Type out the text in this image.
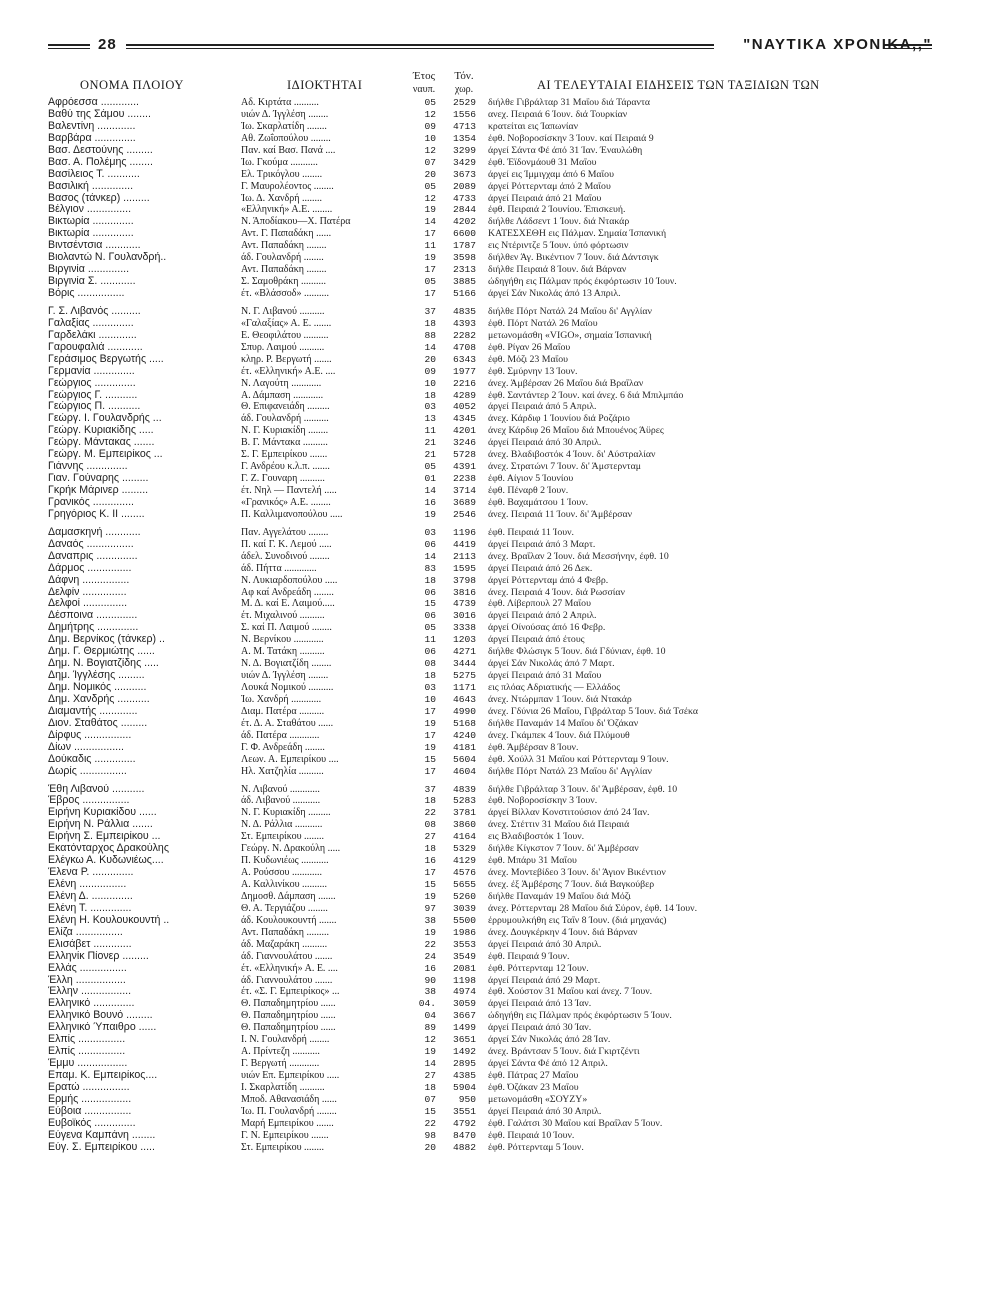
28	"ΝΑΥΤΙΚΑ ΧΡΟΝΙΚΑ,,"
ΟΝΟΜΑ ΠΛΟΙΟΥ	ΙΔΙΟΚΤΗΤΑΙ
Έτος
ναυπ.
Τόν.
χωρ.	ΑΙ ΤΕΛΕΥΤΑΙΑΙ ΕΙΔΗΣΕΙΣ ΤΩΝ ΤΑΞΙΔΙΩΝ ΤΩΝ
Αφρόεσσα .............	Αδ. Κιρτάτα ..........	05	2529 διήλθε Γιβράλταρ 31 Μαΐου διά Τάραντα
Βαθύ της Σάμου ........	υιών Δ. Ίγγλέση ........	12	1556 ανεχ. Πειραιά 6 Ίουν. διά Τουρκίαν
Βαλεντίνη .............	Ίω. Σκαρλατίδη ........	09	4713 κρατείται εις Ίαπωνίαν
Βαρβάρα ..............	Αθ. Ζωΐοπούλου ........	10	1354 έφθ. Νοβοροσίσκην 3 Ίουν. καί Πειραιά 9
Βασ. Δεστούνης .........	Παν. καί Βασ. Πανά ....	12	3299 άργεί Σάντα Φέ άπό 31 Ίαν. Έναυλώθη
Βασ. Α. Πολέμης ........	Ίω. Γκούμα ...........	07	3429 έφθ. Έϊδονμάουθ 31 Μαΐου
Βασίλειος Τ. ...........	Ελ. Τρικόγλου ........	20	3673 άργεί εις Ίμμιγχαμ άπό 6 Μαΐου
Βασιλική ..............	Γ. Μαυρολέοντος ........	05	2089 άργεί Ρόττερνταμ άπό 2 Μαΐου
Βασος (τάνκερ) .........	Ίω. Δ. Χανδρή ........	12	4733 άργεί Πειραιά άπό 21 Μαΐου
Βέλγιον ...............	«Ελληνική» Α.Ε. ........	19	2844 έφθ. Πειραιά 2 Ίουνίου. Έπισκευή.
Βικτωρία ..............	Ν. Άποδίακου—Χ. Πατέρα	14	4202 διήλθε Λάδσεντ 1 Ίουν. διά Ντακάρ
Βικτωρία ..............	Αντ. Γ. Παπαδάκη ......	17	6600 ΚΑΤΕΣΧΕΘΗ εις Πάλμαν. Σημαία Ίσπανική
Βιντσέντσια ............	Αντ. Παπαδάκη ........	11	1787 εις Ντέριντζε 5 Ίουν. ύπό φόρτωσιν
Βιολαντώ Ν. Γουλανδρή..	άδ. Γουλανδρή ........	19	3598 διήλθεν Άγ. Βικέντιον 7 Ίουν. διά Δάντσιγκ
Βιργινία ..............	Αντ. Παπαδάκη ........	17	2313 διήλθε Πειραιά 8 Ίουν. διά Βάρναν
Βιργινία Σ. ............	Σ. Σαμοθράκη ..........	05	3885 ώδηγήθη εις Πάλμαν πρός έκφόρτωσιν 10 Ίουν.
Βόρις ................	έτ. «Βλάσσοδ» ..........	17	5166 άργεί Σάν Νικολάς άπό 13 Απριλ.
Γ. Σ. Λιβανός ..........	Ν. Γ. Λιβανού ..........	37	4835 διήλθε Πόρτ Νατάλ 24 Μαΐου δι' Αγγλίαν
Γαλαξίας ..............	«Γαλαξίας» Α. Ε. .......	18	4393 έφθ. Πόρτ Νατάλ 26 Μαΐου
Γαρδελάκι .............	Ε. Θεοφιλάτου ..........	88	2282 μετωνομάσθη «VIGO», σημαία Ίσπανική
Γαρουφαλιά ............	Σπυρ. Λαιμού ..........	14	4708 έφθ. Ρίγαν 26 Μαΐου
Γεράσιμος Βεργωτής .....	κληρ. Ρ. Βεργωτή .......	20	6343 έφθ. Μόζι 23 Μαΐου
Γερμανία ..............	έτ. «Ελληνική» Α.Ε. ....	09	1977 έφθ. Σμύρνην 13 Ίουν.
Γεώργιος ..............	Ν. Λαγούτη ............	10	2216 άνεχ. Άμβέρσαν 26 Μαΐου διά Βραΐλαν
Γεώργιος Γ. ...........	Α. Δάμπαση ............	18	4289 έφθ. Σαντάντερ 2 Ίουν. καί άνεχ. 6 διά Μπιλμπάο
Γεώργιος Π. ...........	Θ. Επιφανειάδη .........	03	4052 άργεί Πειραιά άπό 5 Απριλ.
Γεώργ. Ι. Γουλανδρής ...	άδ. Γουλανδρή ..........	13	4345 άνεχ. Κάρδιφ 1 Ίουνίου διά Ροζάριο
Γεώργ. Κυριακίδης .....	Ν. Γ. Κυριακίδη ........	11	4201 άνεχ Κάρδιφ 26 Μαΐου διά Μπουένος Άϋρες
Γεώργ. Μάντακας .......	Β. Γ. Μάντακα ..........	21	3246 άργεί Πειραιά άπό 30 Απριλ.
Γεώργ. Μ. Εμπειρίκος ...	Σ. Γ. Εμπειρίκου .......	21	5728 άνεχ. Βλαδιβοστόκ 4 Ίουν. δι' Αύστραλίαν
Γιάννης ..............	Γ. Ανδρέου κ.λ.π. .......	05	4391 άνεχ. Στρατώνι 7 Ίουν. δι' Άμστερνταμ
Γιαν. Γούναρης .........	Γ. Ζ. Γουναρη ..........	01	2238 έφθ. Αίγιον 5 Ίουνίου
Γκρήκ Μάρινερ .........	έτ. Νηλ — Παντελή .....	14	3714 έφθ. Πέναρθ 2 Ίουν.
Γρανικός ..............	«Γρανικός» Α.Ε. ........	16	3689 έφθ. Βαχαμάτσου 1 Ίουν.
Γρηγόριος Κ. ΙΙ ........	Π. Καλλιμανοπούλου .....	19	2546 άνεχ. Πειραιά 11 Ίουν. δι' Άμβέρσαν
Δαμασκηνή ............	Παν. Αγγελάτου ........	03	1196 έφθ. Πειραιά 11 Ίουν.
Δαναός ................	Π. καί Γ. Κ. Λεμού .....	06	4419 άργεί Πειραιά άπό 3 Μαρτ.
Δαναπρις ..............	άδελ. Συνοδινού ........	14	2113 άνεχ. Βραΐλαν 2 Ίουν. διά Μεσσήνην, έφθ. 10
Δάρμος ...............	άδ. Πήττα .............	83	1595 άργεί Πειραιά άπό 26 Δεκ.
Δάφνη ................	Ν. Λυκιαρδοπούλου .....	18	3798 άργεί Ρόττερνταμ άπό 4 Φεβρ.
Δελφίν ...............	Αφ καί Ανδρεάδη ........	06	3816 άνεχ. Πειραιά 4 Ίουν. διά Ρωσσίαν
Δελφοί ...............	Μ. Δ. καί Ε. Λαιμού.....	15	4739 έφθ. Λίβερπουλ 27 Μαΐου
Δέσποινα ..............	έτ. Μιχαλινού ..........	06	3016 άργεί Πειραιά άπό 2 Απριλ.
Δημήτρης ..............	Σ. καί Π. Λαιμού ........	05	3338 άργεί Οίνούσας άπό 16 Φεβρ.
Δημ. Βερνίκος (τάνκερ) ..	Ν. Βερνίκου ............	11	1203 άργεί Πειραιά άπό έτους
Δημ. Γ. Θερμιώτης ......	Α. Μ. Τατάκη ..........	06	4271 διήλθε Φλώσιγκ 5 Ίουν. διά Γδύνιαν, έφθ. 10
Δημ. Ν. Βογιατζίδης .....	Ν. Δ. Βογιατζίδη ........	08	3444 άργεί Σάν Νικολάς άπό 7 Μαρτ.
Δημ. Ίγγλέσης .........	υιών Δ. Ίγγλέση ........	18	5275 άργεί Πειραιά άπό 31 Μαΐου
Δημ. Νομικός ...........	Λουκά Νομικού ..........	03	1171 εις πλόας Αδριατικής — Ελλάδος
Δημ. Χανδρής ...........	Ίω. Χανδρή ............	10	4643 άνεχ. Ντώρμπαν 1 Ίουν. διά Ντακάρ
Διαμαντής .............	Διαμ. Πατέρα ..........	17	4990 άνεχ. Γδύνια 26 Μαΐου, Γιβράλταρ 5 Ίουν. διά Τσέκα
Διον. Σταθάτος .........	έτ. Δ. Α. Σταθάτου ......	19	5168 διήλθε Παναμάν 14 Μαΐου δι' Όζάκαν
Δίρφυς ................	άδ. Πατέρα ............	17	4240 άνεχ. Γκάμπεκ 4 Ίουν. διά Πλύμουθ
Δίων .................	Γ. Φ. Ανδρεάδη ........	19	4181 έφθ. Άμβέρσαν 8 Ίουν.
Δούκαδις ..............	Λεων. Α. Εμπειρίκου ....	15	5604 έφθ. Χούλλ 31 Μαΐου καί Ρόττερνταμ 9 Ίουν.
Δωρίς ................	Ηλ. Χατζηλία ..........	17	4604 διήλθε Πόρτ Νατάλ 23 Μαΐου δι' Αγγλίαν
Έθη Λιβανού ...........	Ν. Λιβανού ............	37	4839 διήλθε Γιβράλταρ 3 Ίουν. δι' Άμβέρσαν, έφθ. 10
Έβρος ................	άδ. Λιβανού ...........	18	5283 έφθ. Νοβοροσίσκην 3 Ίουν.
Ειρήνη Κυριακίδου ......	Ν. Γ. Κυριακίδη .........	22	3781 άργεί Βίλλαν Κονστιτούσιον άπό 24 Ίαν.
Ειρήνη Ν. Ράλλια .......	Ν. Δ. Ράλλια ...........	08	3860 άνεχ. Στέττιν 31 Μαΐου διά Πειραιά
Ειρήνη Σ. Εμπειρίκου ...	Στ. Εμπειρίκου ........	27	4164 εις Βλαδιβοστόκ 1 Ίουν.
Εκατόνταρχος Δρακούλης	Γεώργ. Ν. Δρακούλη .....	18	5329 διήλθε Κίγκστον 7 Ίουν. δι' Άμβέρσαν
Ελέγκω Α. Κυδωνιέως....	Π. Κυδωνιέως ...........	16	4129 έφθ. Μπάρυ 31 Μαΐου
Έλενα Ρ. ..............	Α. Ρούσσου ............	17	4576 άνεχ. Μοντεβίδεο 3 Ίουν. δι' Άγιον Βικέντιον
Ελένη ................	Α. Καλλινίκου ..........	15	5655 άνεχ. έξ Άμβέρσης 7 Ίουν. διά Βαγκούβερ
Ελένη Δ. ..............	Δημοσθ. Δάμπαση .......	19	5260 διήλθε Παναμάν 19 Μαΐου διά Μόζι
Ελένη Τ. ..............	Θ. Α. Τεργιάζου ........	97	3039 άνεχ. Ρόττερνταμ 28 Μαΐου διά Σύρον, έφθ. 14 Ίουν.
Ελένη Η. Κουλουκουντή ..	άδ. Κουλουκουντή .......	38	5500 έρρυμουλκήθη εις Ταΐν 8 Ίουν. (διά μηχανάς)
Ελίζα ................	Αντ. Παπαδάκη .........	19	1986 άνεχ. Δουγκέρκην 4 Ίουν. διά Βάρναν
Ελισάβετ .............	άδ. Μαζαράκη ..........	22	3553 άργεί Πειραιά άπό 30 Απριλ.
Ελληνίκ Πίονερ .........	άδ. Γιαννουλάτου .......	24	3549 έφθ. Πειραιά 9 Ίουν.
Ελλάς ................	έτ. «Ελληνική» Α. Ε. ....	16	2081 έφθ. Ρόττερνταμ 12 Ίουν.
Έλλη .................	άδ. Γιαννουλάτου .......	90	1198 άργεί Πειραιά άπό 29 Μαρτ.
Έλλην .................	έτ. «Σ. Γ. Εμπειρίκος» ...	38	4974 έφθ. Χούστον 31 Μαΐου καί άνεχ. 7 Ίουν.
Ελληνικό ..............	Θ. Παπαδημητρίου ......	04.	3059 άργεί Πειραιά άπό 13 Ίαν.
Ελληνικό Βουνό .........	Θ. Παπαδημητρίου ......	04	3667 ώδηγήθη εις Πάλμαν πρός έκφόρτωσιν 5 Ίουν.
Ελληνικό Ύπαιθρο ......	Θ. Παπαδημητρίου ......	89	1499 άργεί Πειραιά άπό 30 Ίαν.
Ελπίς ................	Ι. Ν. Γουλανδρή ........	12	3651 άργεί Σάν Νικολάς άπό 28 Ίαν.
Ελπίς ................	Α. Πρίντεζη ...........	19	1492 άνεχ. Βράντσαν 5 Ίουν. διά Γκιρτζέντι
Έμμυ .................	Γ. Βεργωτή ............	14	2895 άργεί Σάντα Φέ άπό 12 Απριλ.
Επαμ. Κ. Εμπειρίκος....	υιών Επ. Εμπειρίκου .....	27	4385 έφθ. Πάτρας 27 Μαΐου
Ερατώ ................	Ι. Σκαρλατίδη ..........	18	5904 έφθ. Όζάκαν 23 Μαΐου
Ερμής .................	Μποδ. Αθανασιάδη ......	07	950 μετωνομάσθη «ΣΟΥΖΥ»
Εύβοια ................	Ίω. Π. Γουλανδρή ........	15	3551 άργεί Πειραιά άπό 30 Απριλ.
Ευβοϊκός ..............	Μαρή Εμπειρίκου .......	22	4792 έφθ. Γαλάτσι 30 Μαΐου καί Βραΐλαν 5 Ίουν.
Εύγενα Καμπάνη ........	Γ. Ν. Εμπειρίκου .......	98	8470 έφθ. Πειραιά 10 Ίουν.
Εύγ. Σ. Εμπειρίκου .....	Στ. Εμπειρίκου ........	20	4882 έφθ. Ρόττερνταμ 5 Ίουν.
